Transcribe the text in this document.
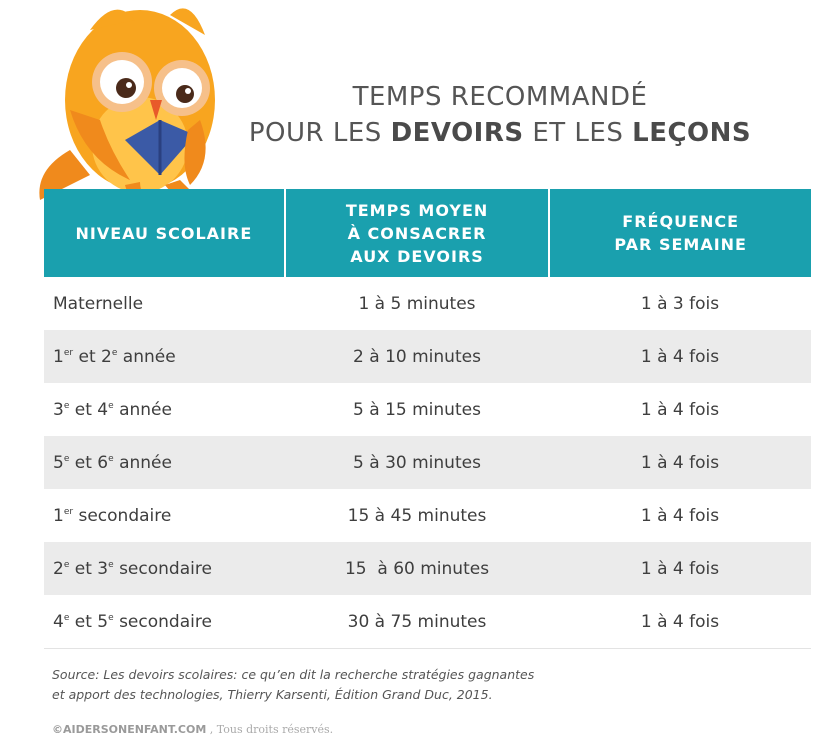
TEMPS RECOMMANDÉ
POUR LES DEVOIRS ET LES LEÇONS
NIVEAU SCOLAIRE
TEMPS MOYEN
À CONSACRER
AUX DEVOIRS
FRÉQUENCE
PAR SEMAINE
Maternelle	1 à 5 minutes	1 à 3 fois
1er et 2e année	2 à 10 minutes	1 à 4 fois
3e et 4e année	5 à 15 minutes	1 à 4 fois
5e et 6e année	5 à 30 minutes	1 à 4 fois
1er secondaire	15 à 45 minutes	1 à 4 fois
2e et 3e secondaire	15  à 60 minutes	1 à 4 fois
4e et 5e secondaire	30 à 75 minutes	1 à 4 fois
Source: Les devoirs scolaires: ce qu’en dit la recherche stratégies gagnantes
et apport des technologies, Thierry Karsenti, Édition Grand Duc, 2015.
©AIDERSONENFANT.COM , Tous droits réservés.
